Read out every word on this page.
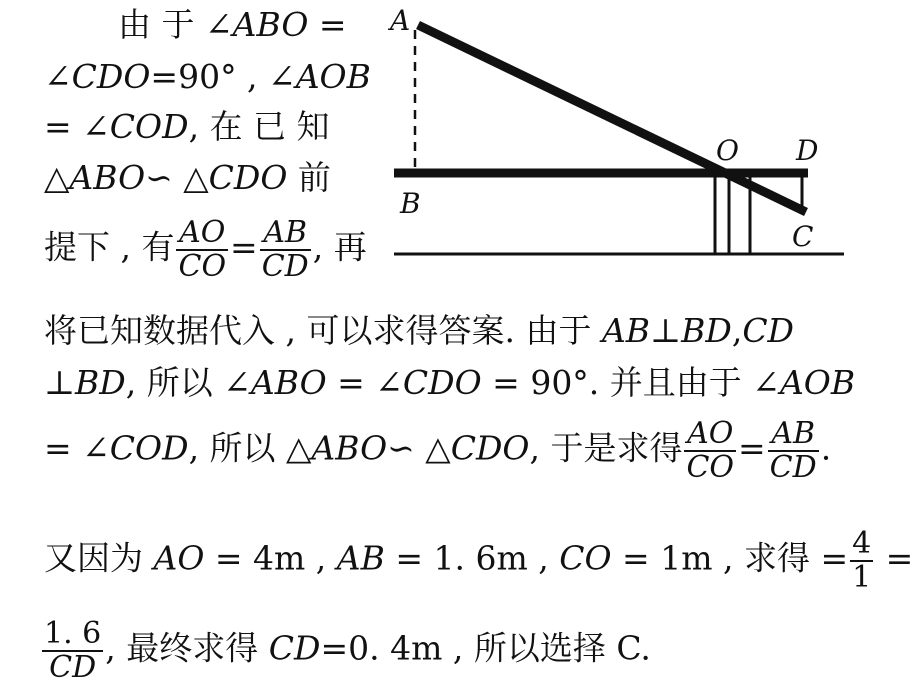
由 于 ∠ABO =
∠CDO=90° , ∠AOB
= ∠COD, 在 已 知
△ABO∽ △CDO 前
提下 , 有 $\frac{AO}{CO} = \frac{AB}{CD}$ , 再
A
B
O D
C
将已知数据代入 , 可以求得答案. 由于 AB⊥BD,CD
⊥BD, 所以 ∠ABO = ∠CDO = 90°. 并且由于 ∠AOB
= ∠COD, 所以 △ABO∽ △CDO, 于是求得 $\frac{AO}{CO} = \frac{AB}{CD}$ .
又因为 AO = 4m , AB = 1. 6m , CO = 1m , 求得 = $\frac{4}{1}$ =
$\frac{1. 6}{CD}$ , 最终求得 CD=0. 4m , 所以选择 C.
